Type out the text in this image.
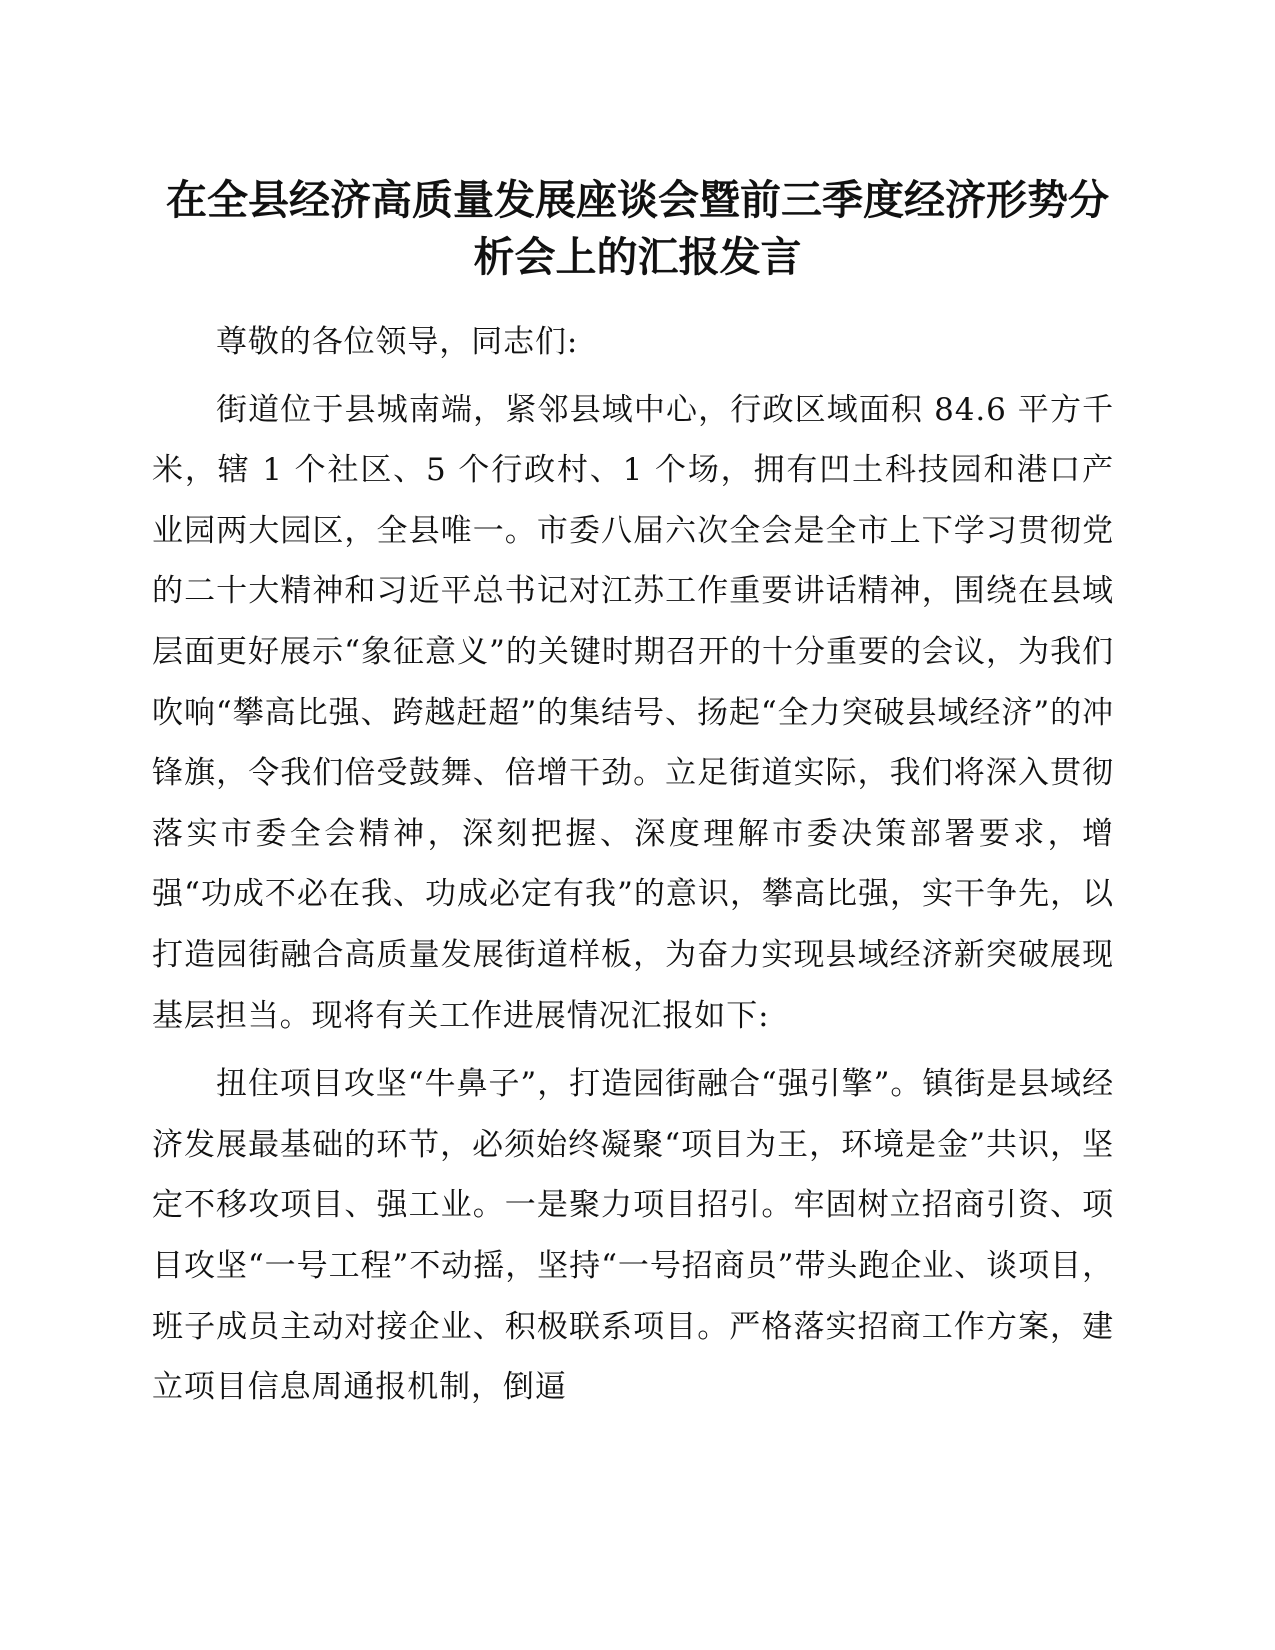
在全县经济高质量发展座谈会暨前三季度经济形势分析会上的汇报发言

尊敬的各位领导，同志们:

街道位于县城南端，紧邻县域中心，行政区域面积 84.6 平方千米，辖 1 个社区、5 个行政村、1 个场，拥有凹土科技园和港口产业园两大园区，全县唯一。市委八届六次全会是全市上下学习贯彻党的二十大精神和习近平总书记对江苏工作重要讲话精神，围绕在县域层面更好展示“象征意义”的关键时期召开的十分重要的会议，为我们吹响“攀高比强、跨越赶超”的集结号、扬起“全力突破县域经济”的冲锋旗，令我们倍受鼓舞、倍增干劲。立足街道实际，我们将深入贯彻落实市委全会精神，深刻把握、深度理解市委决策部署要求，增强“功成不必在我、功成必定有我”的意识，攀高比强，实干争先，以打造园街融合高质量发展街道样板，为奋力实现县域经济新突破展现基层担当。现将有关工作进展情况汇报如下:

扭住项目攻坚“牛鼻子”，打造园街融合“强引擎”。镇街是县域经济发展最基础的环节，必须始终凝聚“项目为王，环境是金”共识，坚定不移攻项目、强工业。一是聚力项目招引。牢固树立招商引资、项目攻坚“一号工程”不动摇，坚持“一号招商员”带头跑企业、谈项目，班子成员主动对接企业、积极联系项目。严格落实招商工作方案，建立项目信息周通报机制，倒逼
